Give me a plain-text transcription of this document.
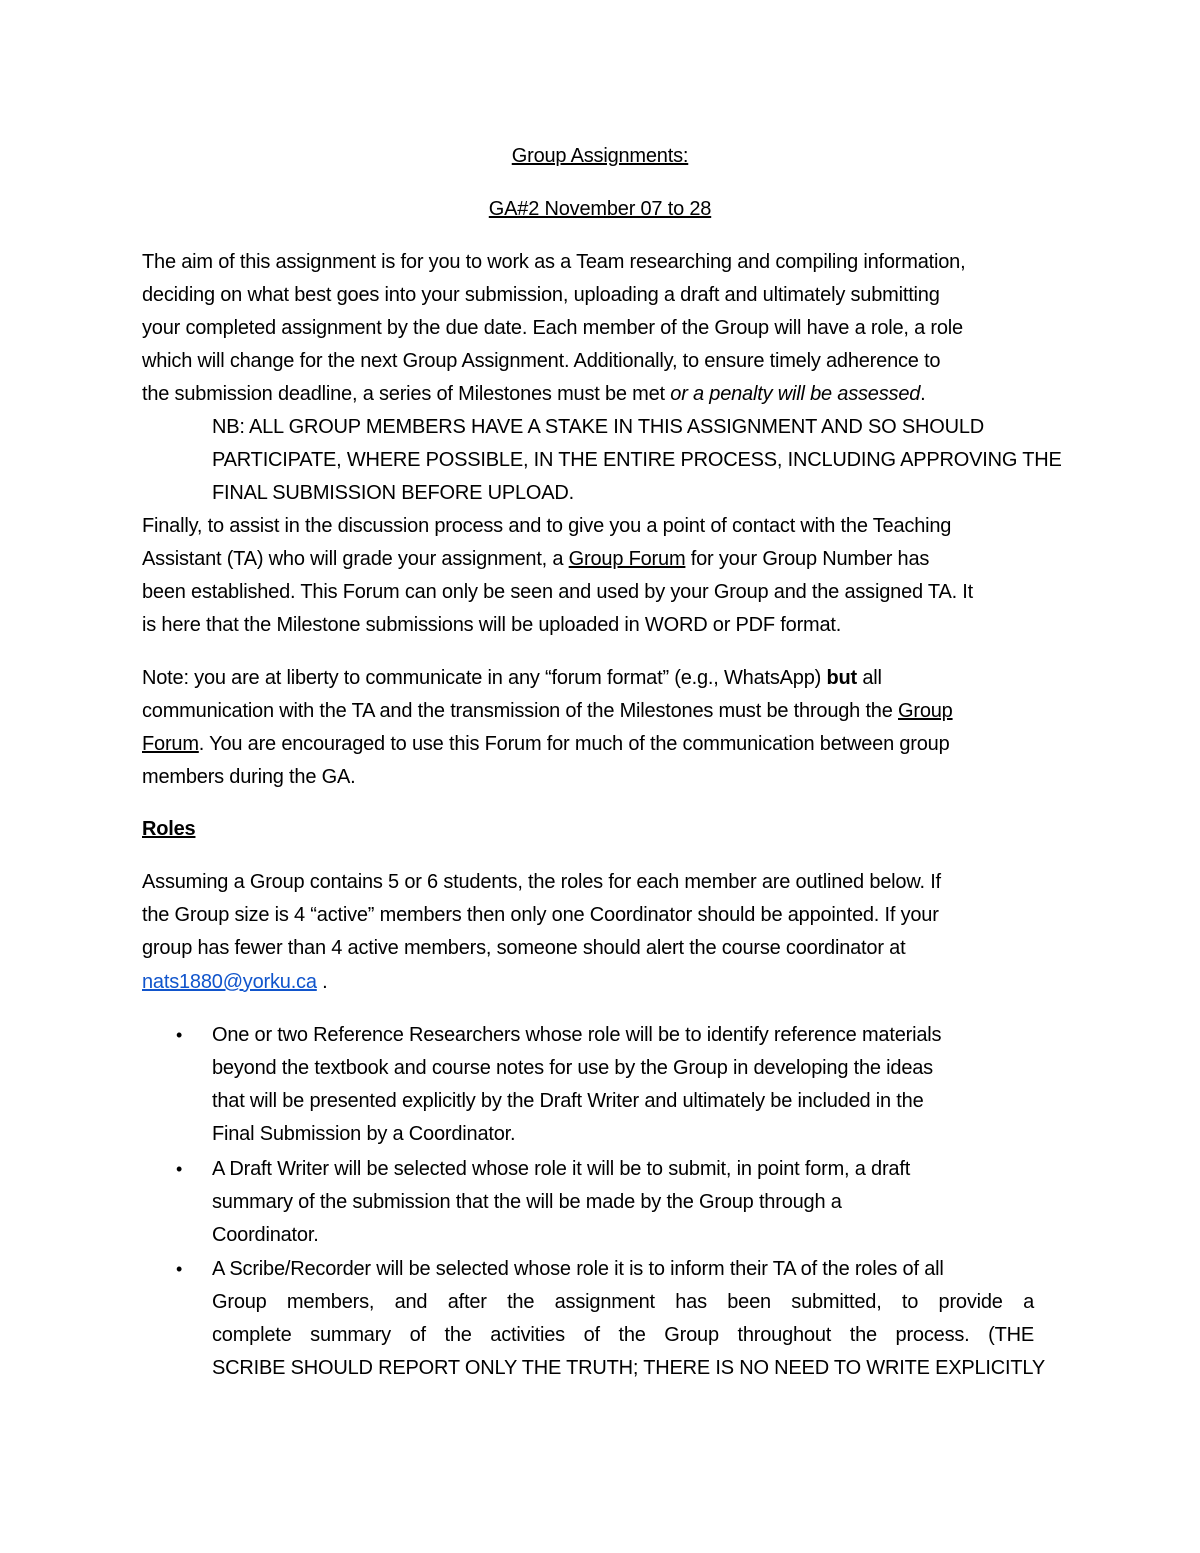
Group Assignments:
GA#2 November 07 to 28
The aim of this assignment is for you to work as a Team researching and compiling information,
deciding on what best goes into your submission, uploading a draft and ultimately submitting
your completed assignment by the due date. Each member of the Group will have a role, a role
which will change for the next Group Assignment. Additionally, to ensure timely adherence to
the submission deadline, a series of Milestones must be met or a penalty will be assessed.
NB: ALL GROUP MEMBERS HAVE A STAKE IN THIS ASSIGNMENT AND SO SHOULD
PARTICIPATE, WHERE POSSIBLE, IN THE ENTIRE PROCESS, INCLUDING APPROVING THE
FINAL SUBMISSION BEFORE UPLOAD.
Finally, to assist in the discussion process and to give you a point of contact with the Teaching
Assistant (TA) who will grade your assignment, a Group Forum for your Group Number has
been established. This Forum can only be seen and used by your Group and the assigned TA. It
is here that the Milestone submissions will be uploaded in WORD or PDF format.
Note: you are at liberty to communicate in any “forum format” (e.g., WhatsApp) but all
communication with the TA and the transmission of the Milestones must be through the Group
Forum. You are encouraged to use this Forum for much of the communication between group
members during the GA.
Roles
Assuming a Group contains 5 or 6 students, the roles for each member are outlined below. If
the Group size is 4 “active” members then only one Coordinator should be appointed. If your
group has fewer than 4 active members, someone should alert the course coordinator at
nats1880@yorku.ca .
• One or two Reference Researchers whose role will be to identify reference materials
beyond the textbook and course notes for use by the Group in developing the ideas
that will be presented explicitly by the Draft Writer and ultimately be included in the
Final Submission by a Coordinator.
• A Draft Writer will be selected whose role it will be to submit, in point form, a draft
summary of the submission that the will be made by the Group through a
Coordinator.
• A Scribe/Recorder will be selected whose role it is to inform their TA of the roles of all
Group members, and after the assignment has been submitted, to provide a
complete summary of the activities of the Group throughout the process. (THE
SCRIBE SHOULD REPORT ONLY THE TRUTH; THERE IS NO NEED TO WRITE EXPLICITLY
